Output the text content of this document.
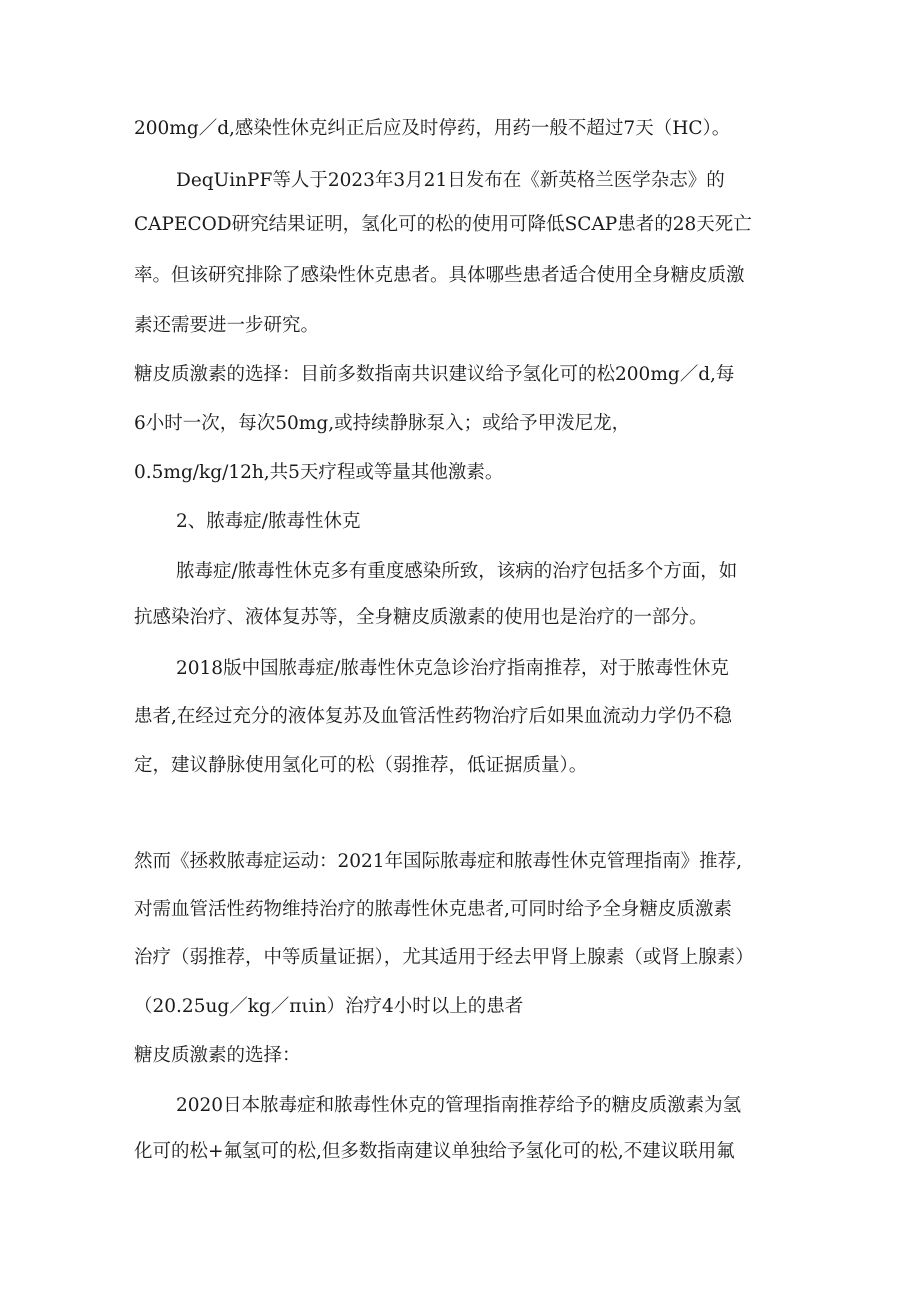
200mg／d,感染性休克纠正后应及时停药，用药一般不超过7天（HC）。
DeqUinPF等人于2023年3月21日发布在《新英格兰医学杂志》的
CAPECOD研究结果证明，氢化可的松的使用可降低SCAP患者的28天死亡
率。但该研究排除了感染性休克患者。具体哪些患者适合使用全身糖皮质激
素还需要进一步研究。
糖皮质激素的选择：目前多数指南共识建议给予氢化可的松200mg／d,每
6小时一次，每次50mg,或持续静脉泵入；或给予甲泼尼龙，
0.5mg/kg/12h,共5天疗程或等量其他激素。
2、脓毒症/脓毒性休克
脓毒症/脓毒性休克多有重度感染所致，该病的治疗包括多个方面，如
抗感染治疗、液体复苏等，全身糖皮质激素的使用也是治疗的一部分。
2018版中国脓毒症/脓毒性休克急诊治疗指南推荐，对于脓毒性休克
患者,在经过充分的液体复苏及血管活性药物治疗后如果血流动力学仍不稳
定，建议静脉使用氢化可的松（弱推荐，低证据质量）。
然而《拯救脓毒症运动：2021年国际脓毒症和脓毒性休克管理指南》推荐,
对需血管活性药物维持治疗的脓毒性休克患者,可同时给予全身糖皮质激素
治疗（弱推荐，中等质量证据），尤其适用于经去甲肾上腺素（或肾上腺素）
（20.25ug／kg／πιin）治疗4小时以上的患者
糖皮质激素的选择：
2020日本脓毒症和脓毒性休克的管理指南推荐给予的糖皮质激素为氢
化可的松+氟氢可的松,但多数指南建议单独给予氢化可的松,不建议联用氟
